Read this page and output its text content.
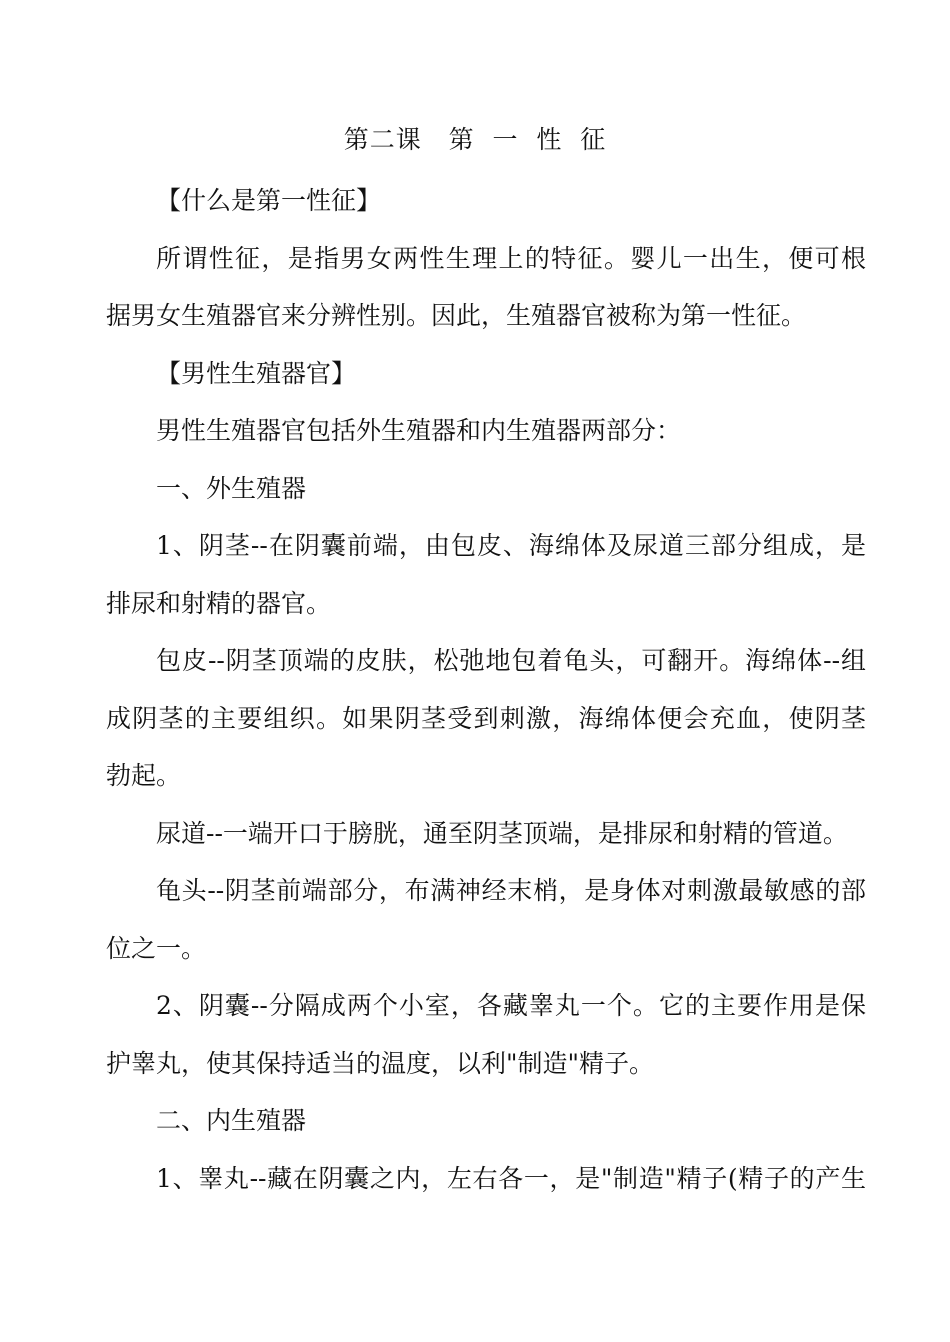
第二课   第  一  性  征
【什么是第一性征】
所谓性征，是指男女两性生理上的特征。婴儿一出生，便可根
据男女生殖器官来分辨性别。因此，生殖器官被称为第一性征。
【男性生殖器官】
男性生殖器官包括外生殖器和内生殖器两部分：
一、外生殖器
1、阴茎--在阴囊前端，由包皮、海绵体及尿道三部分组成，是
排尿和射精的器官。
包皮--阴茎顶端的皮肤，松弛地包着龟头，可翻开。海绵体--组
成阴茎的主要组织。如果阴茎受到刺激，海绵体便会充血，使阴茎
勃起。
尿道--一端开口于膀胱，通至阴茎顶端，是排尿和射精的管道。
龟头--阴茎前端部分，布满神经末梢，是身体对刺激最敏感的部
位之一。
2、阴囊--分隔成两个小室，各藏睾丸一个。它的主要作用是保
护睾丸，使其保持适当的温度，以利"制造"精子。
二、内生殖器
1、睾丸--藏在阴囊之内，左右各一，是"制造"精子(精子的产生
